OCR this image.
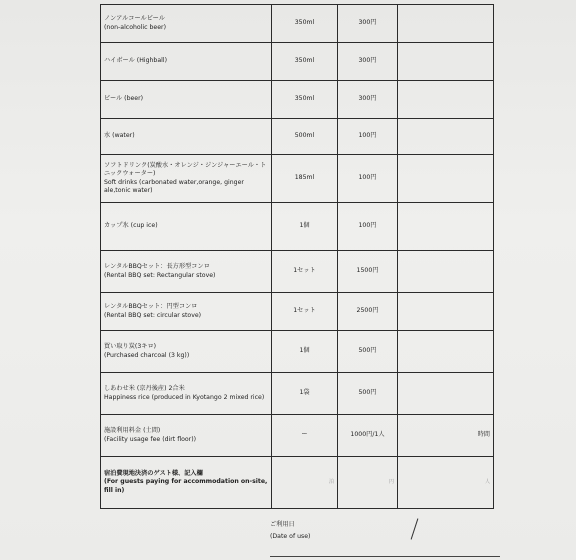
ノンアルコールビール
(non-alcoholic beer)	350ml	300円	
ハイボール (Highball)	350ml	300円	
ビール (beer)	350ml	300円	
水 (water)	500ml	100円	
ソフトドリンク(炭酸水・オレンジ・ジンジャーエール・トニックウォーター)
Soft drinks (carbonated water,orange, ginger ale,tonic water)	185ml	100円	
カップ氷 (cup ice)	1個	100円	
レンタルBBQセット：長方形型コンロ
(Rental BBQ set: Rectangular stove)	1セット	1500円	
レンタルBBQセット：円型コンロ
(Rental BBQ set: circular stove)	1セット	2500円	
買い取り炭(3キロ)
(Purchased charcoal (3 kg))	1個	500円	
しあわせ米 (京丹後産) 2合米
Happiness rice (produced in Kyotango 2 mixed rice)	1袋	500円	
施設利用料金 (土間)
(Facility usage fee (dirt floor))	ー	1000円/1人	時間
宿泊費現地決済のゲスト様、記入欄
(For guests paying for accommodation on-site, fill in)	泊	円	人
ご利用日
(Date of use)
